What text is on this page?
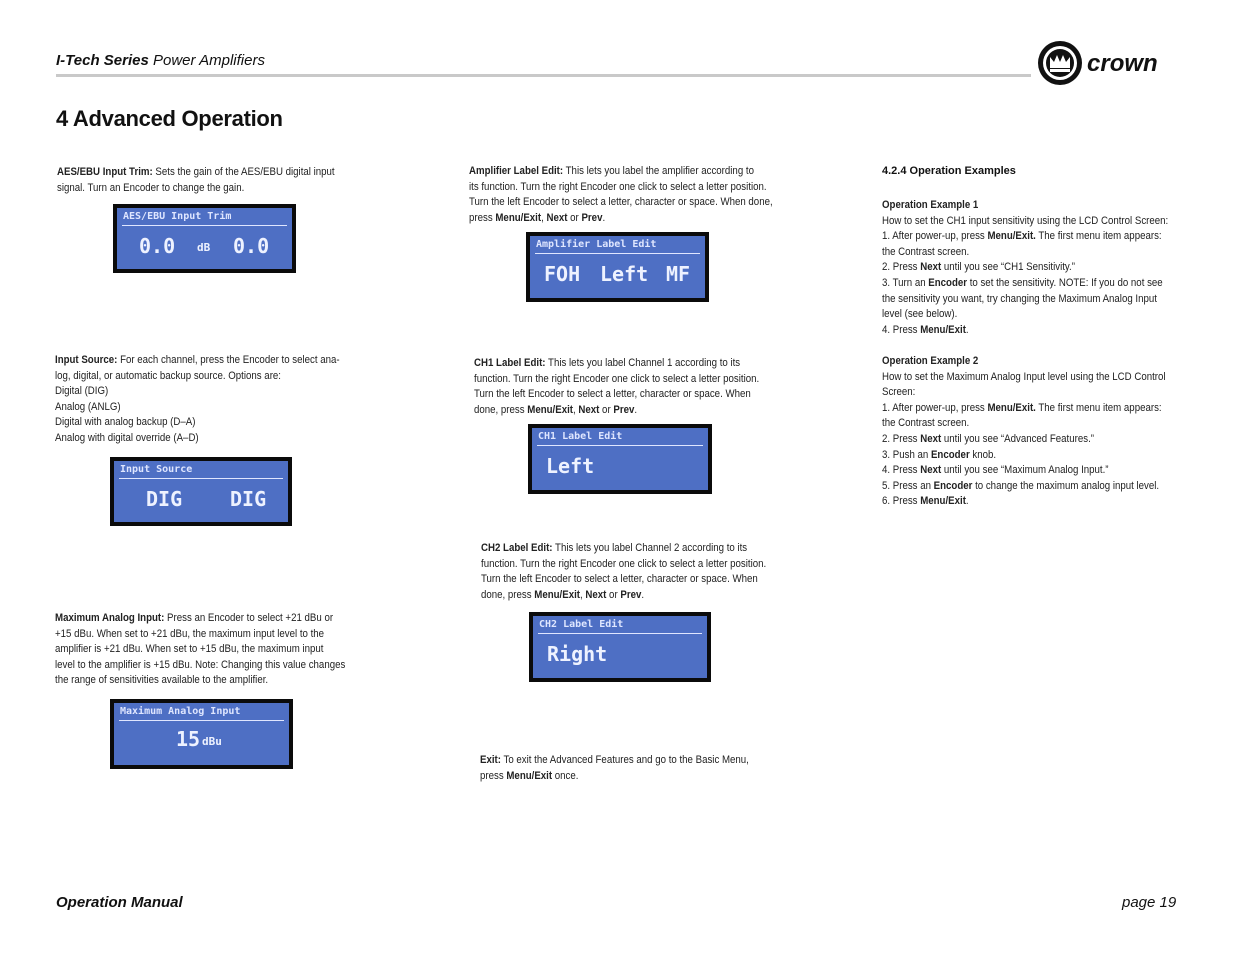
I-Tech Series Power Amplifiers	crown
4 Advanced Operation
AES/EBU Input Trim: Sets the gain of the AES/EBU digital input
signal. Turn an Encoder to change the gain.
AES/EBU Input Trim
0.0 dB 0.0
Input Source: For each channel, press the Encoder to select ana-
log, digital, or automatic backup source. Options are:
Digital (DIG)
Analog (ANLG)
Digital with analog backup (D–A)
Analog with digital override (A–D)
Input Source
DIG DIG
Maximum Analog Input: Press an Encoder to select +21 dBu or
+15 dBu. When set to +21 dBu, the maximum input level to the
amplifier is +21 dBu. When set to +15 dBu, the maximum input
level to the amplifier is +15 dBu. Note: Changing this value changes
the range of sensitivities available to the amplifier.
Maximum Analog Input
15 dBu
Amplifier Label Edit: This lets you label the amplifier according to
its function. Turn the right Encoder one click to select a letter position.
Turn the left Encoder to select a letter, character or space. When done,
press Menu/Exit, Next or Prev.
Amplifier Label Edit
FOH Left MF
CH1 Label Edit: This lets you label Channel 1 according to its
function. Turn the right Encoder one click to select a letter position.
Turn the left Encoder to select a letter, character or space. When
done, press Menu/Exit, Next or Prev.
CH1 Label Edit
Left
CH2 Label Edit: This lets you label Channel 2 according to its
function. Turn the right Encoder one click to select a letter position.
Turn the left Encoder to select a letter, character or space. When
done, press Menu/Exit, Next or Prev.
CH2 Label Edit
Right
Exit: To exit the Advanced Features and go to the Basic Menu,
press Menu/Exit once.
4.2.4 Operation Examples
Operation Example 1
How to set the CH1 input sensitivity using the LCD Control Screen:
1. After power-up, press Menu/Exit. The first menu item appears:
the Contrast screen.
2. Press Next until you see “CH1 Sensitivity.”
3. Turn an Encoder to set the sensitivity. NOTE: If you do not see
the sensitivity you want, try changing the Maximum Analog Input
level (see below).
4. Press Menu/Exit.
Operation Example 2
How to set the Maximum Analog Input level using the LCD Control
Screen:
1. After power-up, press Menu/Exit. The first menu item appears:
the Contrast screen.
2. Press Next until you see “Advanced Features.”
3. Push an Encoder knob.
4. Press Next until you see “Maximum Analog Input.”
5. Press an Encoder to change the maximum analog input level.
6. Press Menu/Exit.
Operation Manual	page 19
